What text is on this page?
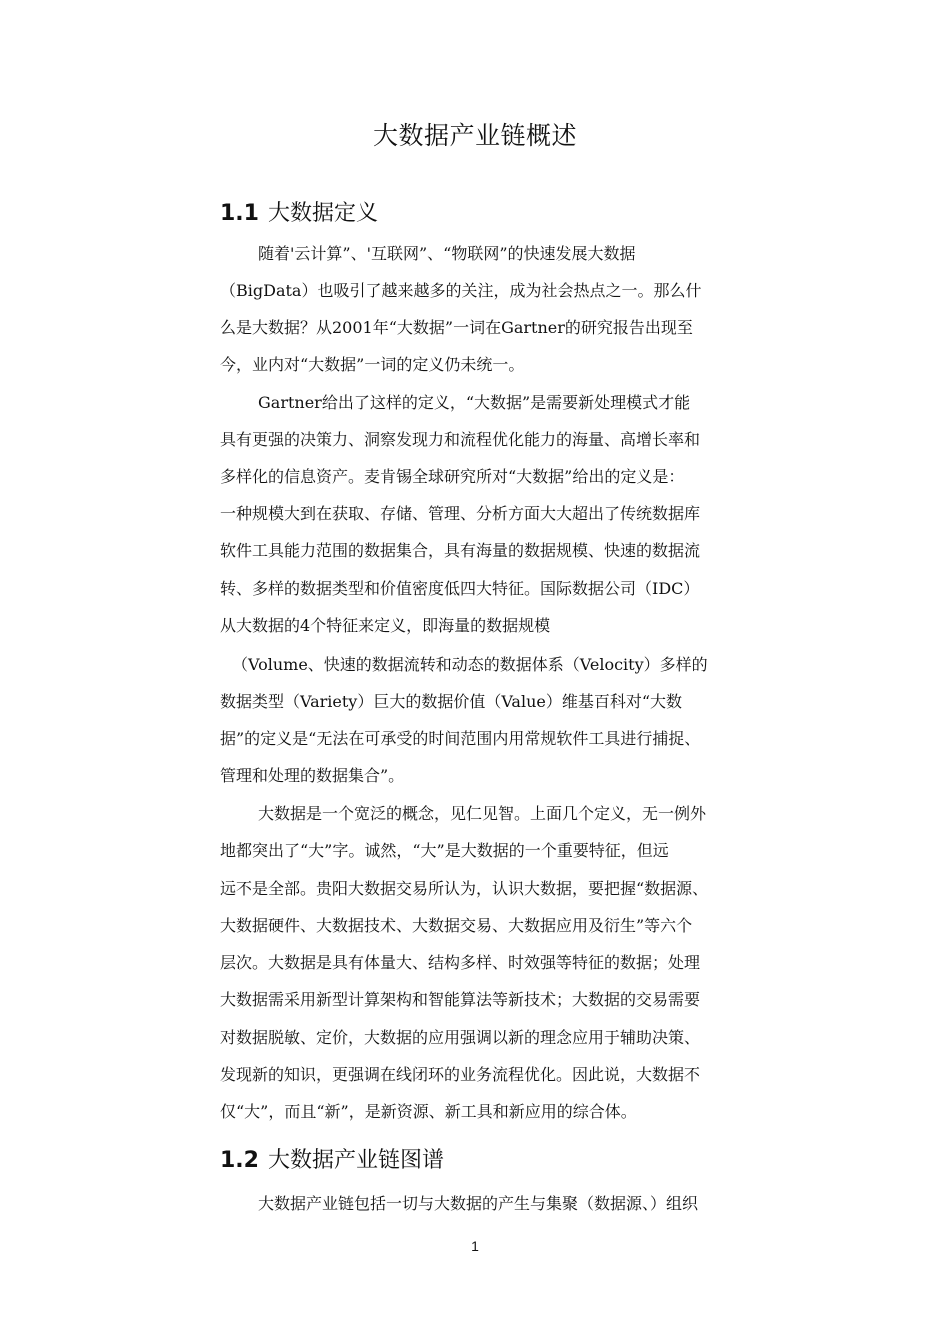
大数据产业链概述
1.1 大数据定义
随着'云计算”、'互联网”、“物联网”的快速发展大数据
（BigData）也吸引了越来越多的关注，成为社会热点之一。那么什
么是大数据？从2001年“大数据”一词在Gartner的研究报告出现至
今，业内对“大数据”一词的定义仍未统一。
Gartner给出了这样的定义，“大数据”是需要新处理模式才能
具有更强的决策力、洞察发现力和流程优化能力的海量、高增长率和
多样化的信息资产。麦肯锡全球研究所对“大数据”给出的定义是：
一种规模大到在获取、存储、管理、分析方面大大超出了传统数据库
软件工具能力范围的数据集合，具有海量的数据规模、快速的数据流
转、多样的数据类型和价值密度低四大特征。国际数据公司（IDC）
从大数据的4个特征来定义，即海量的数据规模
（Volume、快速的数据流转和动态的数据体系（Velocity）多样的
数据类型（Variety）巨大的数据价值（Value）维基百科对“大数
据”的定义是“无法在可承受的时间范围内用常规软件工具进行捕捉、
管理和处理的数据集合”。
大数据是一个宽泛的概念，见仁见智。上面几个定义，无一例外
地都突出了“大”字。诚然，“大”是大数据的一个重要特征，但远
远不是全部。贵阳大数据交易所认为，认识大数据，要把握“数据源、
大数据硬件、大数据技术、大数据交易、大数据应用及衍生”等六个
层次。大数据是具有体量大、结构多样、时效强等特征的数据；处理
大数据需采用新型计算架构和智能算法等新技术；大数据的交易需要
对数据脱敏、定价，大数据的应用强调以新的理念应用于辅助决策、
发现新的知识，更强调在线闭环的业务流程优化。因此说，大数据不
仅“大”，而且“新”，是新资源、新工具和新应用的综合体。
1.2 大数据产业链图谱
大数据产业链包括一切与大数据的产生与集聚（数据源、）组织
1
